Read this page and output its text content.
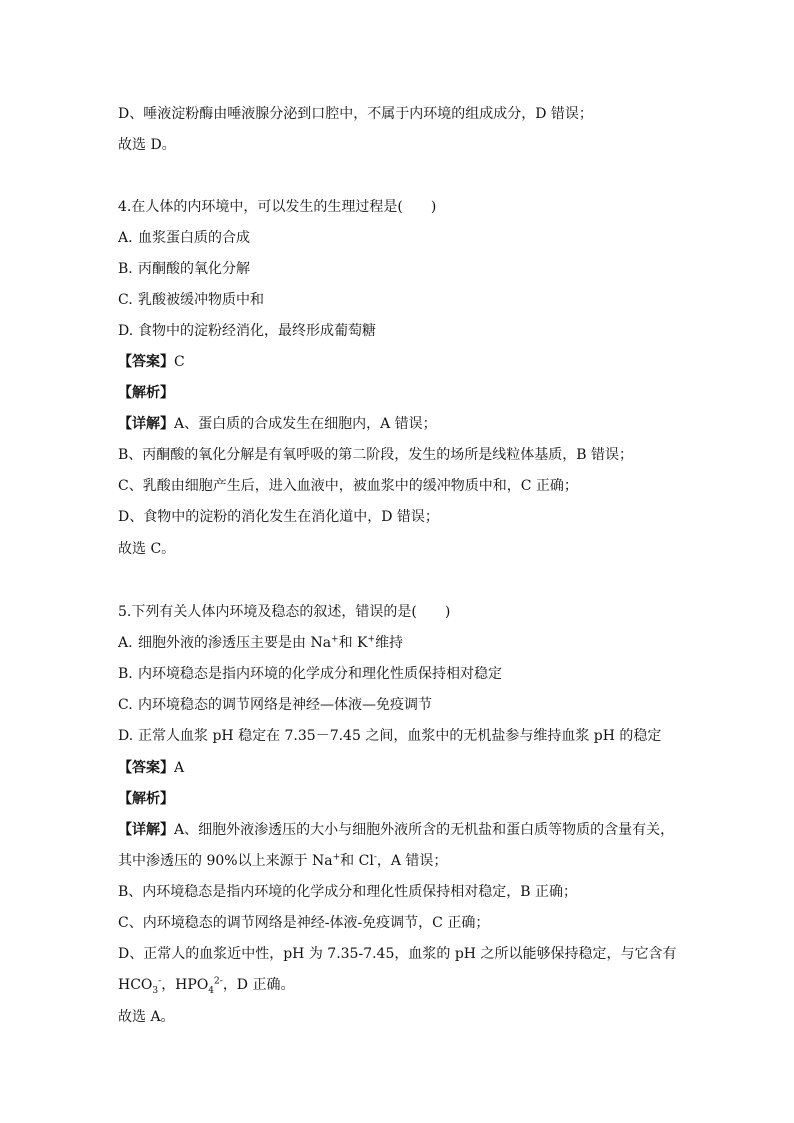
D、唾液淀粉酶由唾液腺分泌到口腔中，不属于内环境的组成成分，D 错误；
故选 D。
4.在人体的内环境中，可以发生的生理过程是(　　)
A. 血浆蛋白质的合成
B. 丙酮酸的氧化分解
C. 乳酸被缓冲物质中和
D. 食物中的淀粉经消化，最终形成葡萄糖
【答案】C
【解析】
【详解】A、蛋白质的合成发生在细胞内，A 错误；
B、丙酮酸的氧化分解是有氧呼吸的第二阶段，发生的场所是线粒体基质，B 错误；
C、乳酸由细胞产生后，进入血液中，被血浆中的缓冲物质中和，C 正确；
D、食物中的淀粉的消化发生在消化道中，D 错误；
故选 C。
5.下列有关人体内环境及稳态的叙述，错误的是(　　)
A. 细胞外液的渗透压主要是由 Na+和 K+维持
B. 内环境稳态是指内环境的化学成分和理化性质保持相对稳定
C. 内环境稳态的调节网络是神经—体液—免疫调节
D. 正常人血浆 pH 稳定在 7.35－7.45 之间，血浆中的无机盐参与维持血浆 pH 的稳定
【答案】A
【解析】
【详解】A、细胞外液渗透压的大小与细胞外液所含的无机盐和蛋白质等物质的含量有关，
其中渗透压的 90%以上来源于 Na+和 Cl-，A 错误；
B、内环境稳态是指内环境的化学成分和理化性质保持相对稳定，B 正确；
C、内环境稳态的调节网络是神经-体液-免疫调节，C 正确；
D、正常人的血浆近中性，pH 为 7.35-7.45，血浆的 pH 之所以能够保持稳定，与它含有
$HCO_3^-$，$HPO_4^{2-}$，D 正确。
故选 A。
